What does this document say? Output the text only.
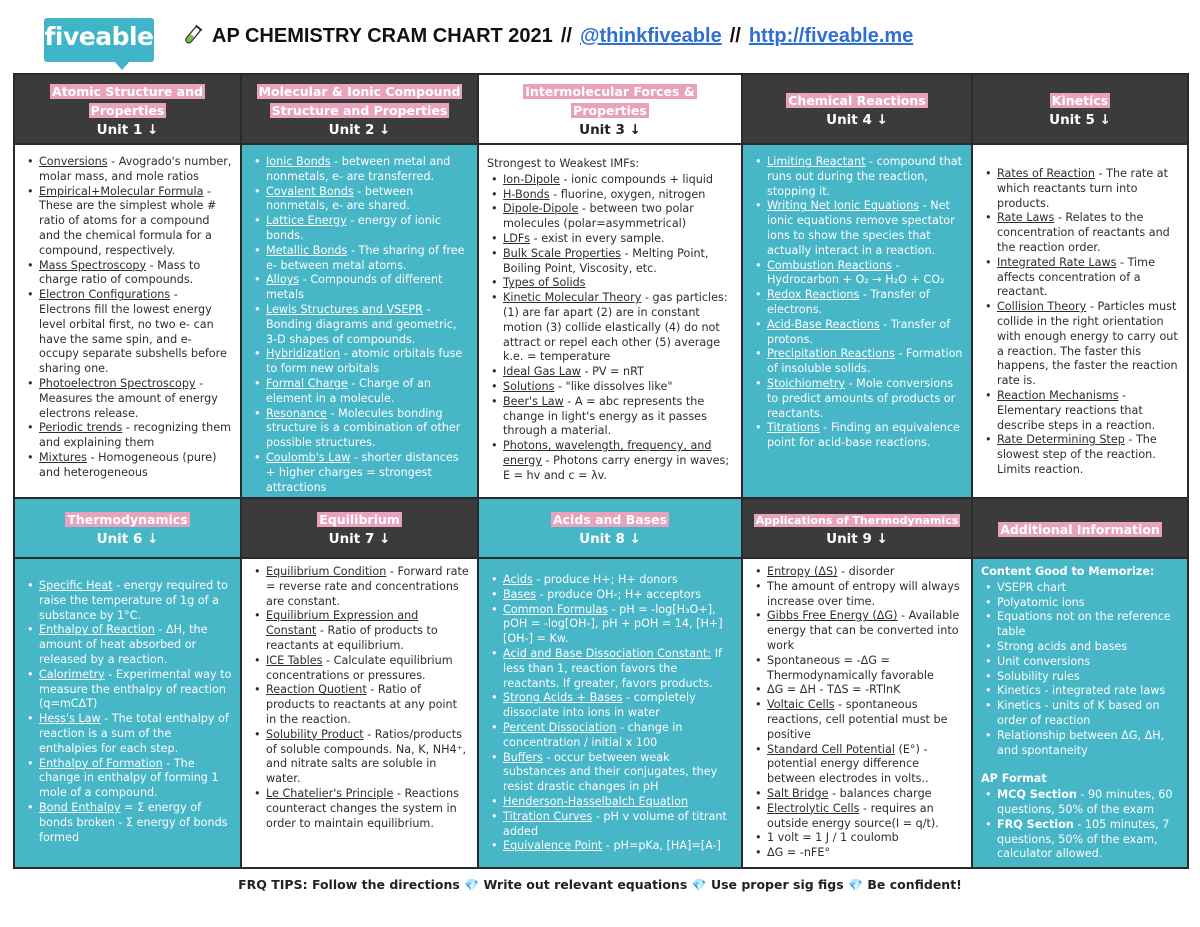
fiveable	AP CHEMISTRY CRAM CHART 2021 // @thinkfiveable // http://fiveable.me
Atomic Structure and Properties
Unit 1 ↓
Molecular & Ionic Compound Structure and Properties
Unit 2 ↓
Intermolecular Forces & Properties
Unit 3 ↓
Chemical Reactions
Unit 4 ↓
Kinetics
Unit 5 ↓
• Conversions - Avogrado's number, molar mass, and mole ratios
• Empirical+Molecular Formula - These are the simplest whole # ratio of atoms for a compound and the chemical formula for a compound, respectively.
• Mass Spectroscopy - Mass to charge ratio of compounds.
• Electron Configurations - Electrons fill the lowest energy level orbital first, no two e- can have the same spin, and e- occupy separate subshells before sharing one.
• Photoelectron Spectroscopy - Measures the amount of energy electrons release.
• Periodic trends - recognizing them and explaining them
• Mixtures - Homogeneous (pure) and heterogeneous
• Ionic Bonds - between metal and nonmetals, e- are transferred.
• Covalent Bonds - between nonmetals, e- are shared.
• Lattice Energy - energy of ionic bonds.
• Metallic Bonds - The sharing of free e- between metal atoms.
• Alloys - Compounds of different metals
• Lewis Structures and VSEPR - Bonding diagrams and geometric, 3-D shapes of compounds.
• Hybridization - atomic orbitals fuse to form new orbitals
• Formal Charge - Charge of an element in a molecule.
• Resonance - Molecules bonding structure is a combination of other possible structures.
• Coulomb's Law - shorter distances + higher charges = strongest attractions
Strongest to Weakest IMFs:
• Ion-Dipole - ionic compounds + liquid
• H-Bonds - fluorine, oxygen, nitrogen
• Dipole-Dipole - between two polar molecules (polar=asymmetrical)
• LDFs - exist in every sample.
• Bulk Scale Properties - Melting Point, Boiling Point, Viscosity, etc.
• Types of Solids
• Kinetic Molecular Theory - gas particles: (1) are far apart (2) are in constant motion (3) collide elastically (4) do not attract or repel each other (5) average k.e. = temperature
• Ideal Gas Law - PV = nRT
• Solutions - "like dissolves like"
• Beer's Law - A = abc represents the change in light's energy as it passes through a material.
• Photons, wavelength, frequency, and energy - Photons carry energy in waves; E = hv and c = λv.
• Limiting Reactant - compound that runs out during the reaction, stopping it.
• Writing Net Ionic Equations - Net ionic equations remove spectator ions to show the species that actually interact in a reaction.
• Combustion Reactions - Hydrocarbon + O₂ → H₂O + CO₂
• Redox Reactions - Transfer of electrons.
• Acid-Base Reactions - Transfer of protons.
• Precipitation Reactions - Formation of insoluble solids.
• Stoichiometry - Mole conversions to predict amounts of products or reactants.
• Titrations - Finding an equivalence point for acid-base reactions.
• Rates of Reaction - The rate at which reactants turn into products.
• Rate Laws - Relates to the concentration of reactants and the reaction order.
• Integrated Rate Laws - Time affects concentration of a reactant.
• Collision Theory - Particles must collide in the right orientation with enough energy to carry out a reaction. The faster this happens, the faster the reaction rate is.
• Reaction Mechanisms - Elementary reactions that describe steps in a reaction.
• Rate Determining Step - The slowest step of the reaction. Limits reaction.
Thermodynamics
Unit 6 ↓
Equilibrium
Unit 7 ↓
Acids and Bases
Unit 8 ↓
Applications of Thermodynamics
Unit 9 ↓
Additional Information
• Specific Heat - energy required to raise the temperature of 1g of a substance by 1°C.
• Enthalpy of Reaction - ΔH, the amount of heat absorbed or released by a reaction.
• Calorimetry - Experimental way to measure the enthalpy of reaction (q=mCΔT)
• Hess's Law - The total enthalpy of reaction is a sum of the enthalpies for each step.
• Enthalpy of Formation - The change in enthalpy of forming 1 mole of a compound.
• Bond Enthalpy = Σ energy of bonds broken - Σ energy of bonds formed
• Equilibrium Condition - Forward rate = reverse rate and concentrations are constant.
• Equilibrium Expression and Constant - Ratio of products to reactants at equilibrium.
• ICE Tables - Calculate equilibrium concentrations or pressures.
• Reaction Quotient - Ratio of products to reactants at any point in the reaction.
• Solubility Product - Ratios/products of soluble compounds. Na, K, NH4⁺, and nitrate salts are soluble in water.
• Le Chatelier's Principle - Reactions counteract changes the system in order to maintain equilibrium.
• Acids - produce H+; H+ donors
• Bases - produce OH-; H+ acceptors
• Common Formulas - pH = -log[H₃O+], pOH = -log[OH-], pH + pOH = 14, [H+][OH-] = Kw.
• Acid and Base Dissociation Constant: If less than 1, reaction favors the reactants. If greater, favors products.
• Strong Acids + Bases - completely dissociate into ions in water
• Percent Dissociation - change in concentration / initial x 100
• Buffers - occur between weak substances and their conjugates, they resist drastic changes in pH
• Henderson-Hasselbalch Equation
• Titration Curves - pH v volume of titrant added
• Equivalence Point - pH=pKa, [HA]=[A-]
• Entropy (ΔS) - disorder
• The amount of entropy will always increase over time.
• Gibbs Free Energy (ΔG) - Available energy that can be converted into work
• Spontaneous = -ΔG = Thermodynamically favorable
• ΔG = ΔH - TΔS = -RTlnK
• Voltaic Cells - spontaneous reactions, cell potential must be positive
• Standard Cell Potential (E°) - potential energy difference between electrodes in volts..
• Salt Bridge - balances charge
• Electrolytic Cells - requires an outside energy source(I = q/t).
• 1 volt = 1 J / 1 coulomb
• ΔG = -nFE°
Content Good to Memorize:
• VSEPR chart
• Polyatomic ions
• Equations not on the reference table
• Strong acids and bases
• Unit conversions
• Solubility rules
• Kinetics - integrated rate laws
• Kinetics - units of K based on order of reaction
• Relationship between ΔG, ΔH, and spontaneity
AP Format
• MCQ Section - 90 minutes, 60 questions, 50% of the exam
• FRQ Section - 105 minutes, 7 questions, 50% of the exam, calculator allowed.
FRQ TIPS: Follow the directions 💎 Write out relevant equations 💎 Use proper sig figs 💎 Be confident!
